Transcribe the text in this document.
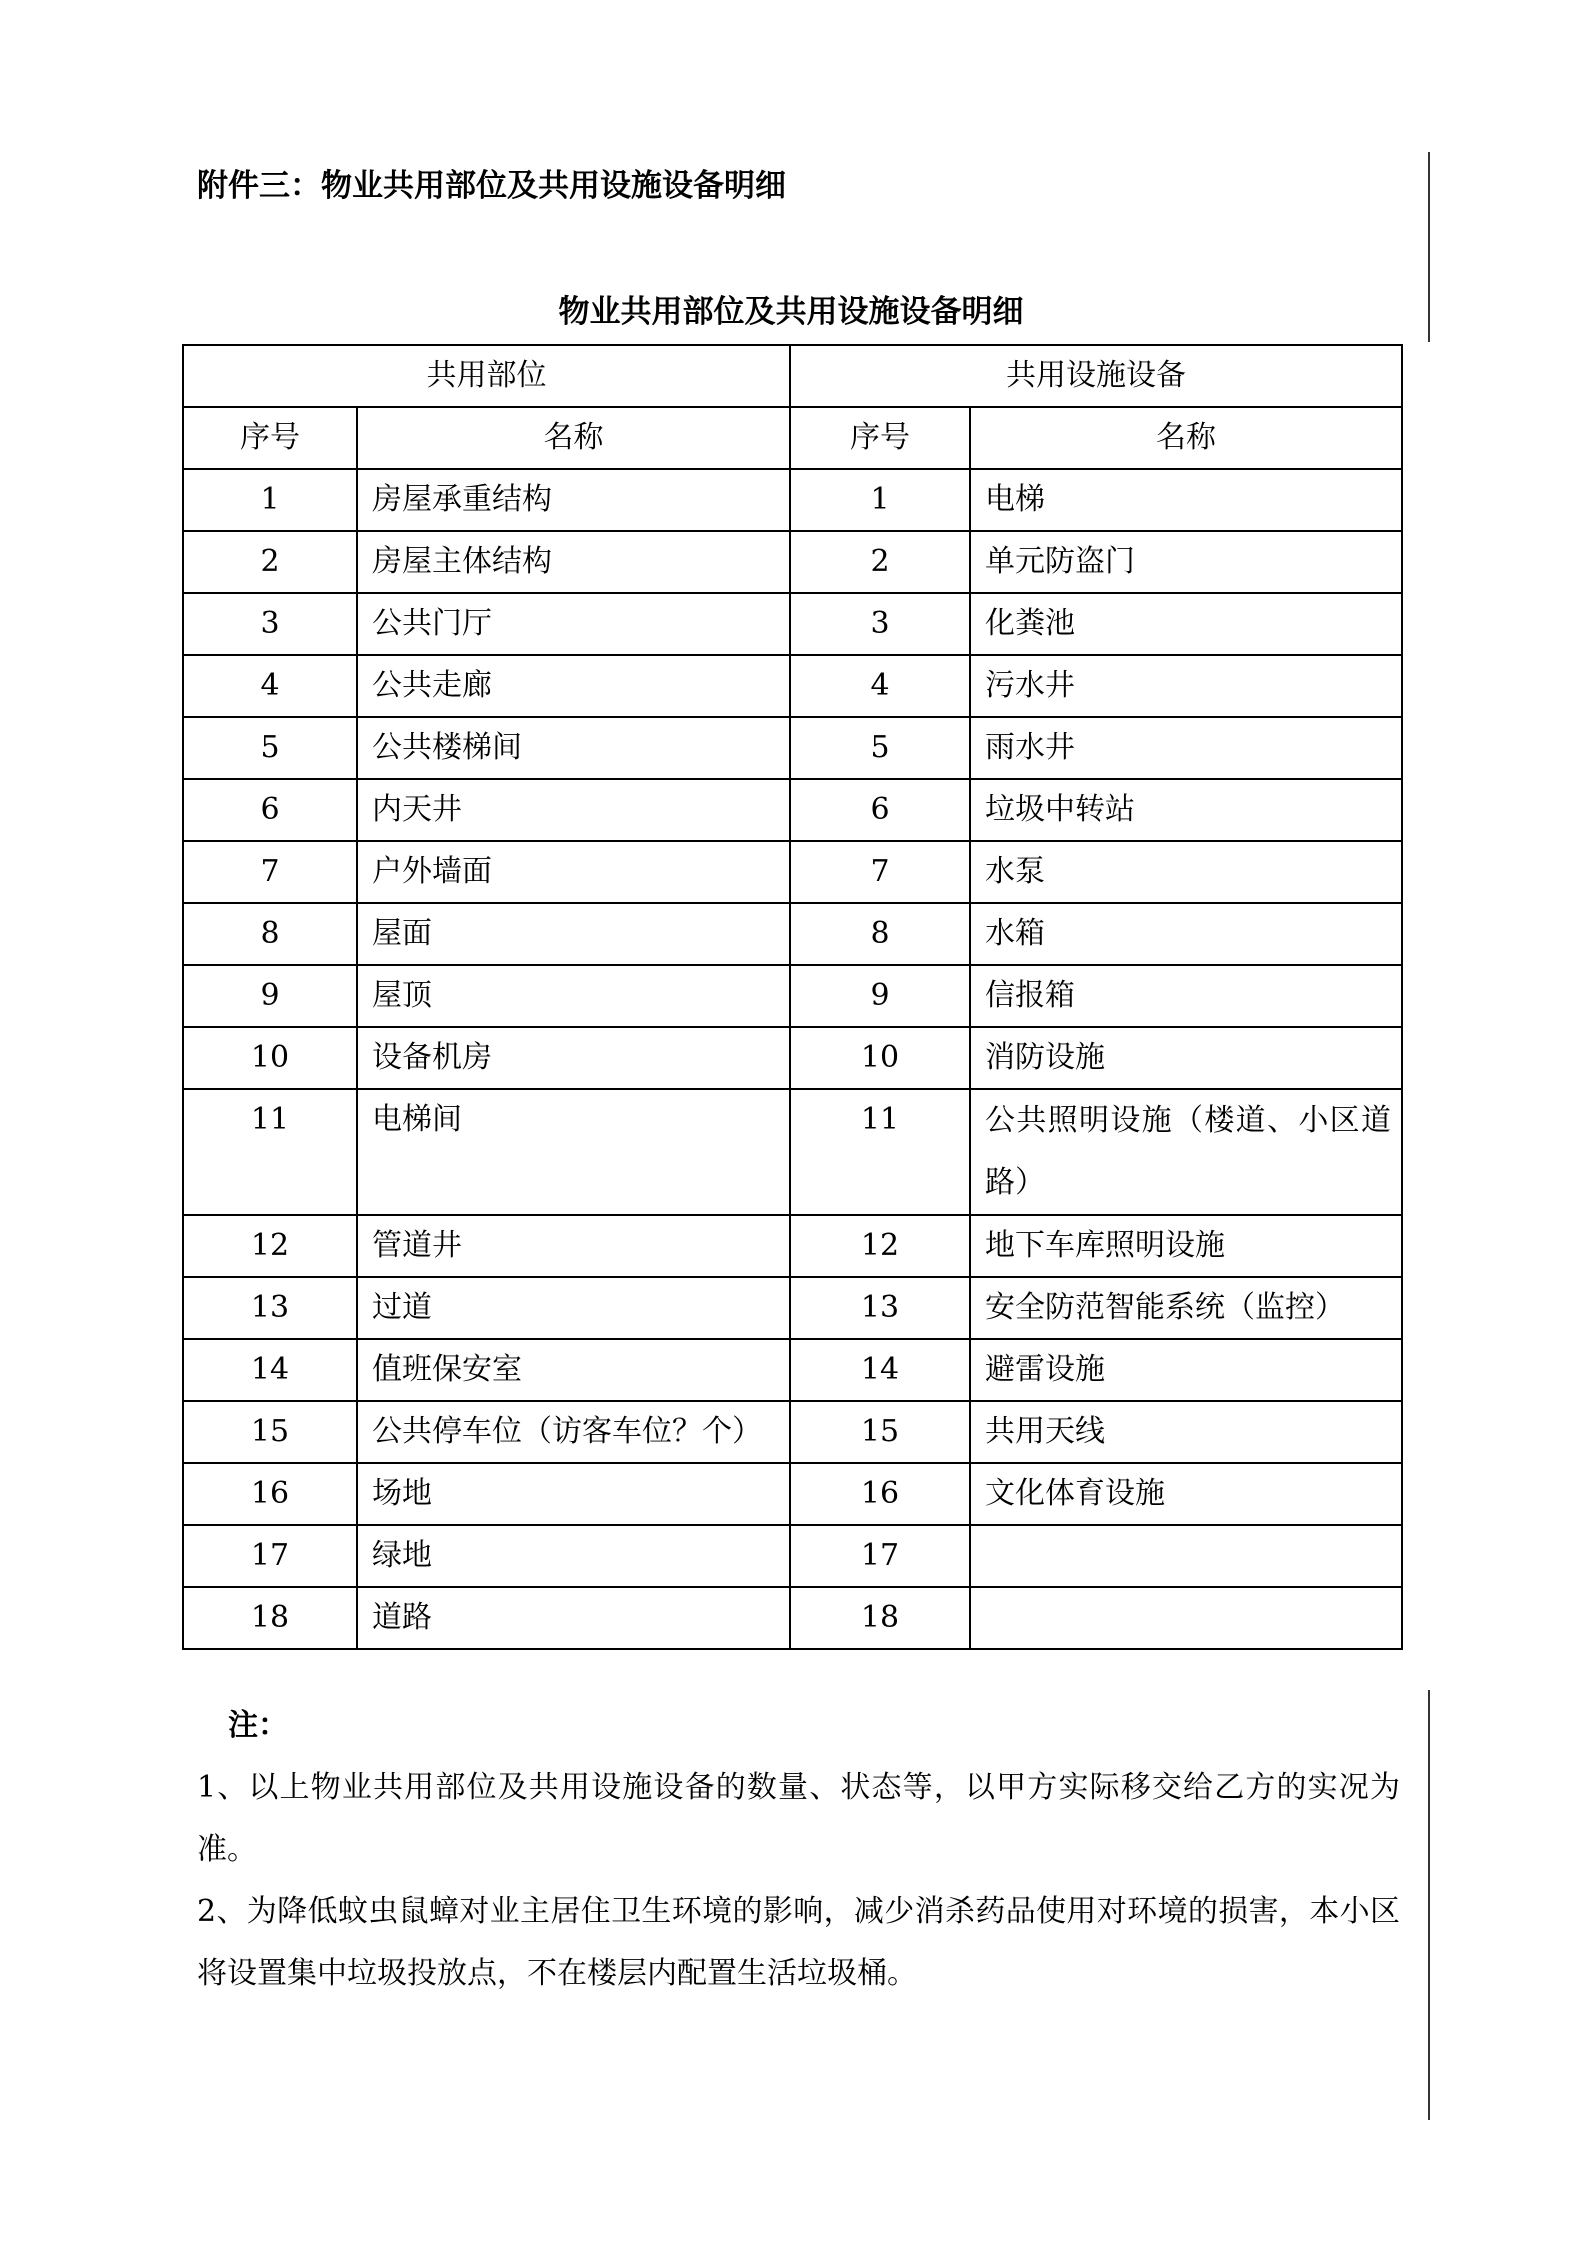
附件三：物业共用部位及共用设施设备明细
物业共用部位及共用设施设备明细
共用部位		共用设施设备	
序号	名称	序号	名称
1	房屋承重结构	1	电梯
2	房屋主体结构	2	单元防盗门
3	公共门厅	3	化粪池
4	公共走廊	4	污水井
5	公共楼梯间	5	雨水井
6	内天井	6	垃圾中转站
7	户外墙面	7	水泵
8	屋面	8	水箱
9	屋顶	9	信报箱
10	设备机房	10	消防设施
11	电梯间	11	公共照明设施（楼道、小区道路）
12	管道井	12	地下车库照明设施
13	过道	13	安全防范智能系统（监控）
14	值班保安室	14	避雷设施
15	公共停车位（访客车位？个）	15	共用天线
16	场地	16	文化体育设施
17	绿地	17	
18	道路	18	
注：
1、以上物业共用部位及共用设施设备的数量、状态等，以甲方实际移交给乙方的实况为准。
2、为降低蚊虫鼠蟑对业主居住卫生环境的影响，减少消杀药品使用对环境的损害，本小区将设置集中垃圾投放点，不在楼层内配置生活垃圾桶。
